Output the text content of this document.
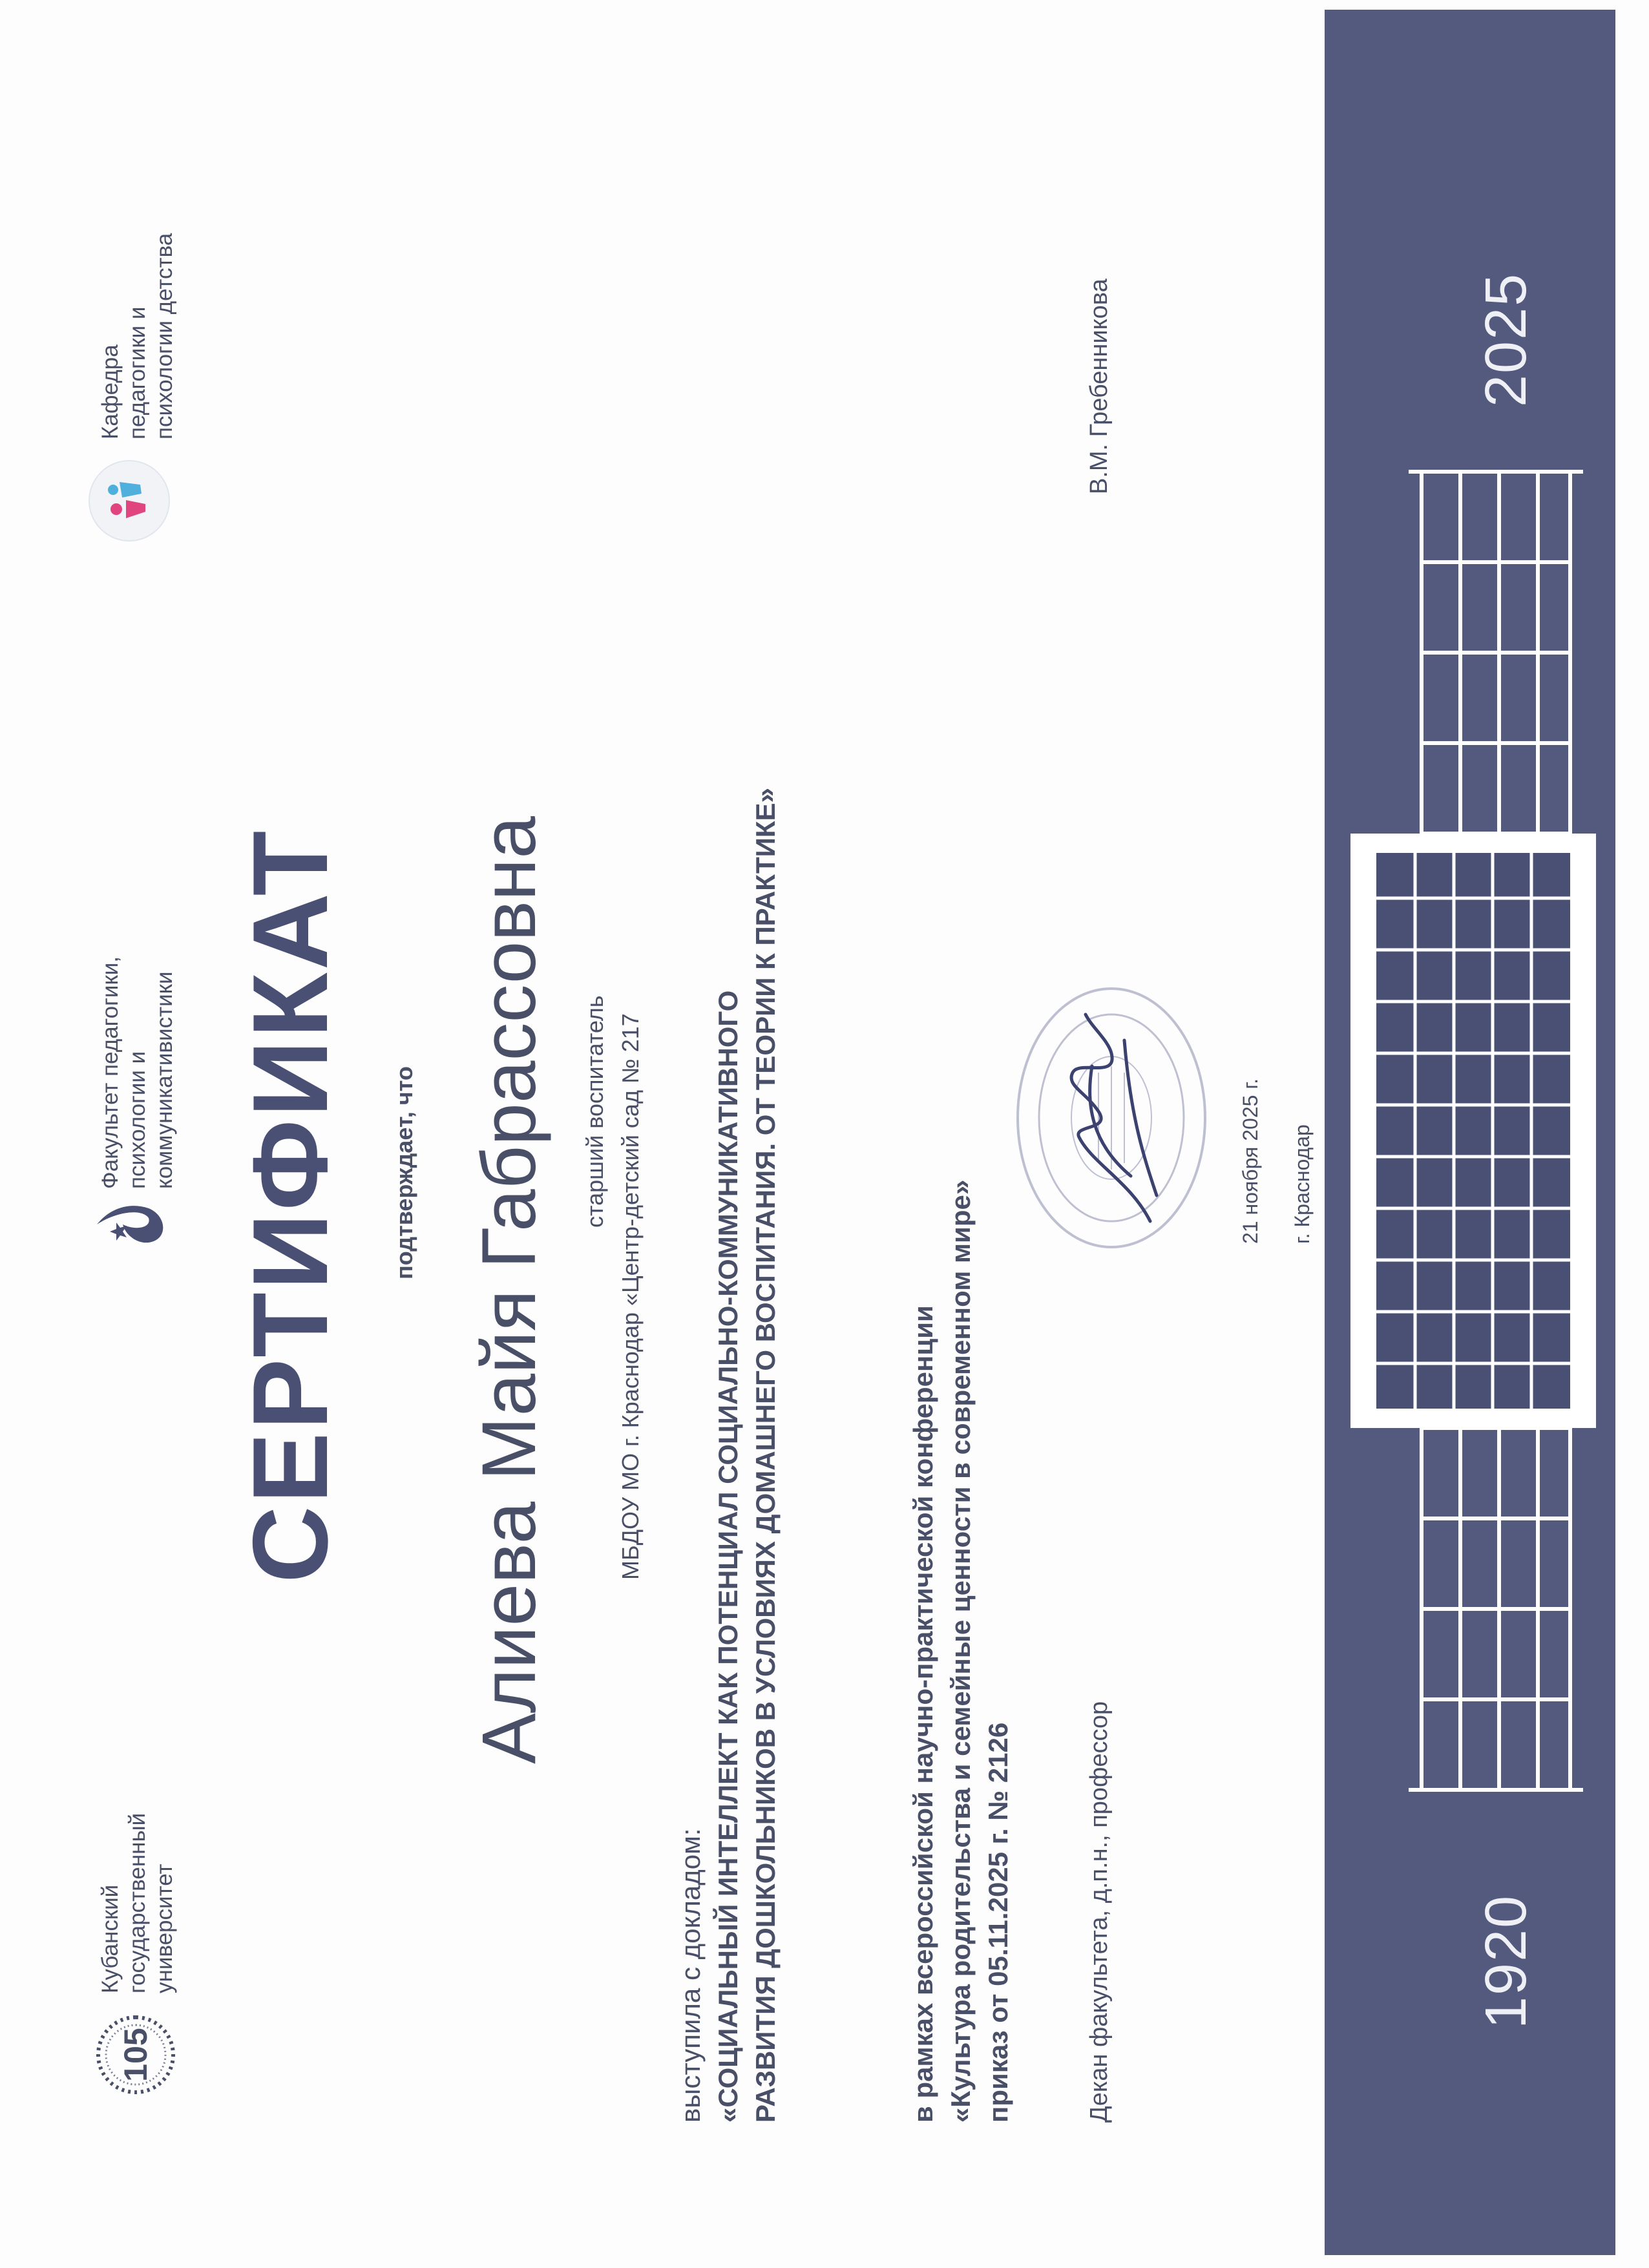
105
Кубанский
государственный
университет
Факультет педагогики,
психологии и
коммуникативистики
Кафедра
педагогики и
психологии детства
СЕРТИФИКАТ подтверждает, что Алиева Майя Габрассовна старший воспитатель МБДОУ МО г. Краснодар «Центр-детский сад № 217
выступила с докладом: «СОЦИАЛЬНЫЙ ИНТЕЛЛЕКТ КАК ПОТЕНЦИАЛ СОЦИАЛЬНО-КОММУНИКАТИВНОГО РАЗВИТИЯ ДОШКОЛЬНИКОВ В УСЛОВИЯХ ДОМАШНЕГО ВОСПИТАНИЯ. ОТ ТЕОРИИ К ПРАКТИКЕ»	в рамках всероссийской научно-практической конференции «Культура родительства и семейные ценности в современном мире» приказ от 05.11.2025 г. № 2126	Декан факультета, д.п.н., профессор
В.М. Гребенникова

21 ноября 2025 г. г. Краснодар

1920
2025
